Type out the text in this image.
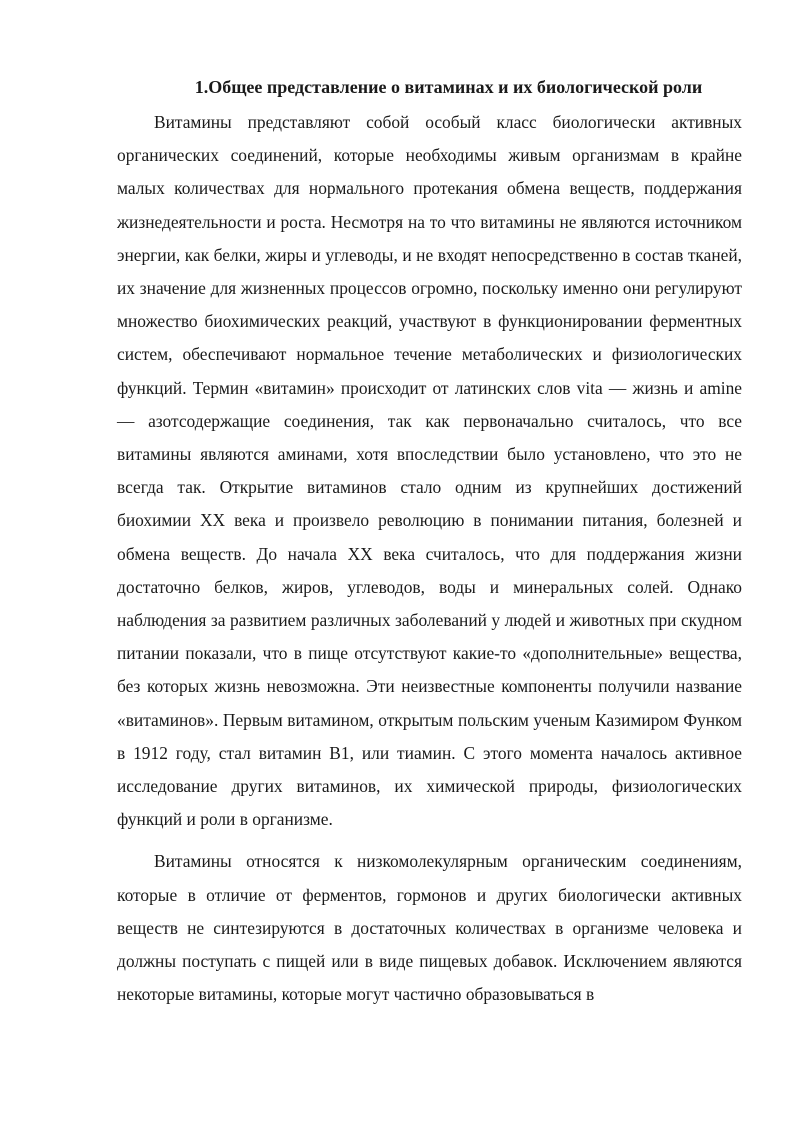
1.Общее представление о витаминах и их биологической роли

Витамины представляют собой особый класс биологически активных органических соединений, которые необходимы живым организмам в крайне малых количествах для нормального протекания обмена веществ, поддержания жизнедеятельности и роста. Несмотря на то что витамины не являются источником энергии, как белки, жиры и углеводы, и не входят непосредственно в состав тканей, их значение для жизненных процессов огромно, поскольку именно они регулируют множество биохимических реакций, участвуют в функционировании ферментных систем, обеспечивают нормальное течение метаболических и физиологических функций. Термин «витамин» происходит от латинских слов vita — жизнь и amine — азотсодержащие соединения, так как первоначально считалось, что все витамины являются аминами, хотя впоследствии было установлено, что это не всегда так. Открытие витаминов стало одним из крупнейших достижений биохимии XX века и произвело революцию в понимании питания, болезней и обмена веществ. До начала XX века считалось, что для поддержания жизни достаточно белков, жиров, углеводов, воды и минеральных солей. Однако наблюдения за развитием различных заболеваний у людей и животных при скудном питании показали, что в пище отсутствуют какие-то «дополнительные» вещества, без которых жизнь невозможна. Эти неизвестные компоненты получили название «витаминов». Первым витамином, открытым польским ученым Казимиром Функом в 1912 году, стал витамин B1, или тиамин. С этого момента началось активное исследование других витаминов, их химической природы, физиологических функций и роли в организме.

Витамины относятся к низкомолекулярным органическим соединениям, которые в отличие от ферментов, гормонов и других биологически активных веществ не синтезируются в достаточных количествах в организме человека и должны поступать с пищей или в виде пищевых добавок. Исключением являются некоторые витамины, которые могут частично образовываться в
